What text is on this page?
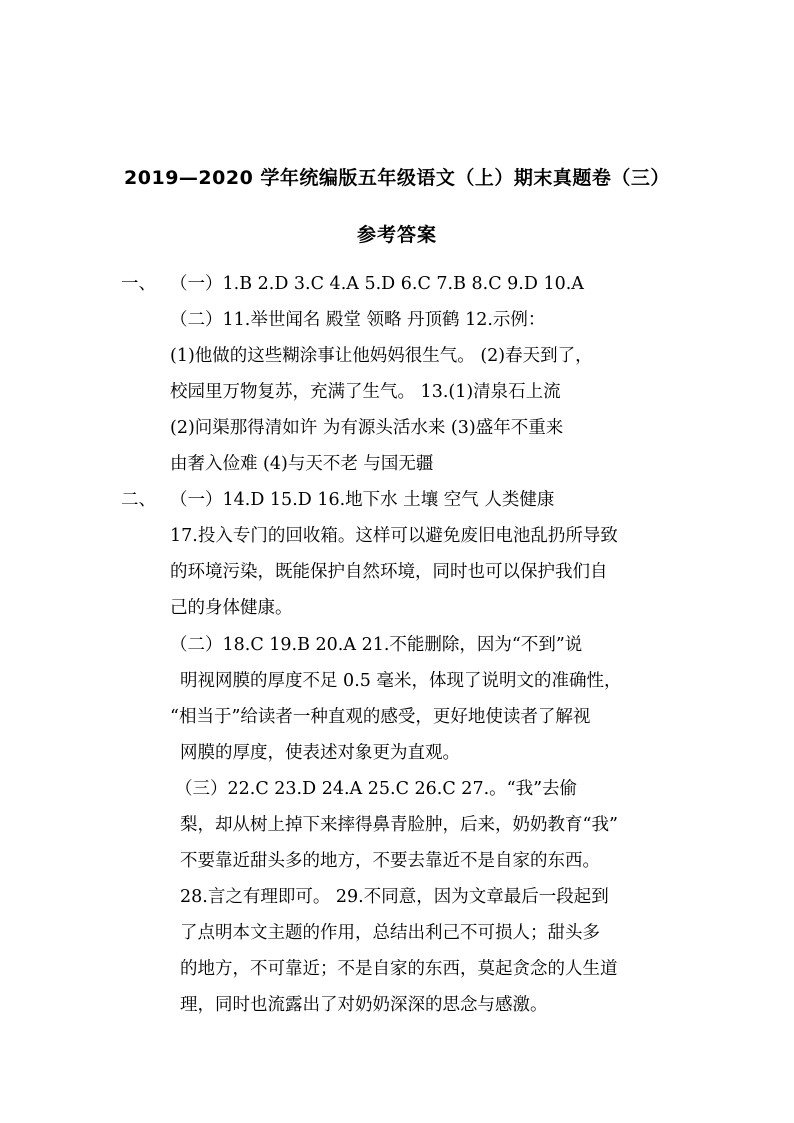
2019—2020 学年统编版五年级语文（上）期末真题卷（三）
参考答案
一、 （一）1.B 2.D 3.C 4.A 5.D 6.C 7.B 8.C 9.D 10.A
（二）11.举世闻名 殿堂 领略 丹顶鹤 12.示例：
(1)他做的这些糊涂事让他妈妈很生气。 (2)春天到了，
校园里万物复苏，充满了生气。 13.(1)清泉石上流
(2)问渠那得清如许 为有源头活水来 (3)盛年不重来
由奢入俭难 (4)与天不老 与国无疆
二、 （一）14.D 15.D 16.地下水 土壤 空气 人类健康
17.投入专门的回收箱。这样可以避免废旧电池乱扔所导致
的环境污染，既能保护自然环境，同时也可以保护我们自
己的身体健康。
（二）18.C 19.B 20.A 21.不能删除，因为“不到”说
明视网膜的厚度不足 0.5 毫米，体现了说明文的准确性，
“相当于”给读者一种直观的感受，更好地使读者了解视
网膜的厚度，使表述对象更为直观。
（三）22.C 23.D 24.A 25.C 26.C 27.。“我”去偷
梨，却从树上掉下来摔得鼻青脸肿，后来，奶奶教育“我”
不要靠近甜头多的地方，不要去靠近不是自家的东西。
28.言之有理即可。 29.不同意，因为文章最后一段起到
了点明本文主题的作用，总结出利己不可损人；甜头多
的地方，不可靠近；不是自家的东西，莫起贪念的人生道
理，同时也流露出了对奶奶深深的思念与感激。
